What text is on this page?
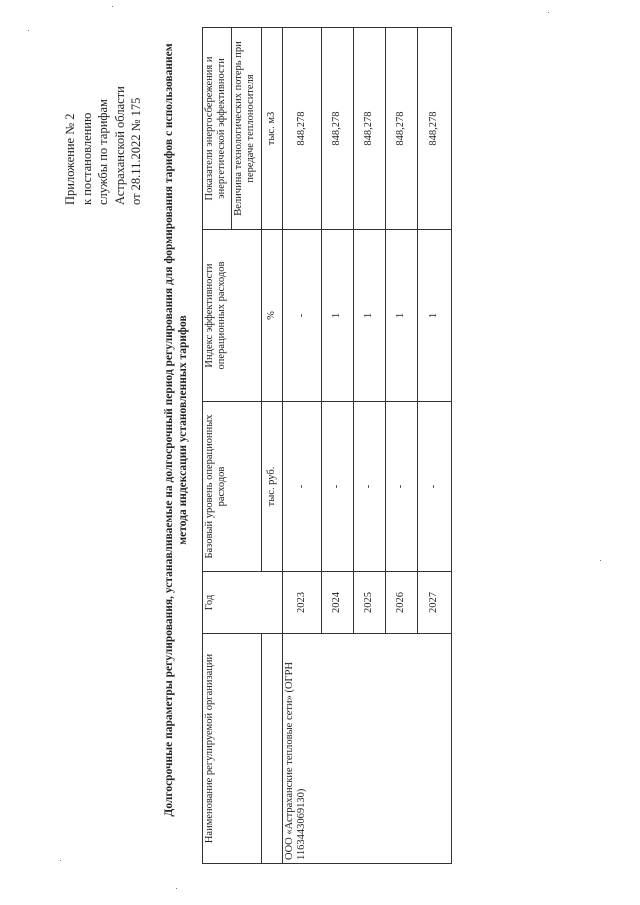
Приложение № 2 к постановлению службы по тарифам Астраханской области от 28.11.2022 № 175 Долгосрочные параметры регулирования, устанавливаемые на долгосрочный период регулирования для формирования тарифов с использованием метода индексации установленных тарифов
Наименование регулируемой организации	Год	Базовый уровень операционных расходов	Индекс эффективности операционных расходов	Показатели энергосбережения и энергетической эффективности
				Величина технологических потерь при передаче теплоносителя
		тыс. руб.	%	тыс. м3
ООО «Астраханские тепловые сети» (ОГРН 1163443069130)	2023	-	-	848,278
	2024	-	1	848,278
	2025	-	1	848,278
	2026	-	1	848,278
	2027	-	1	848,278
